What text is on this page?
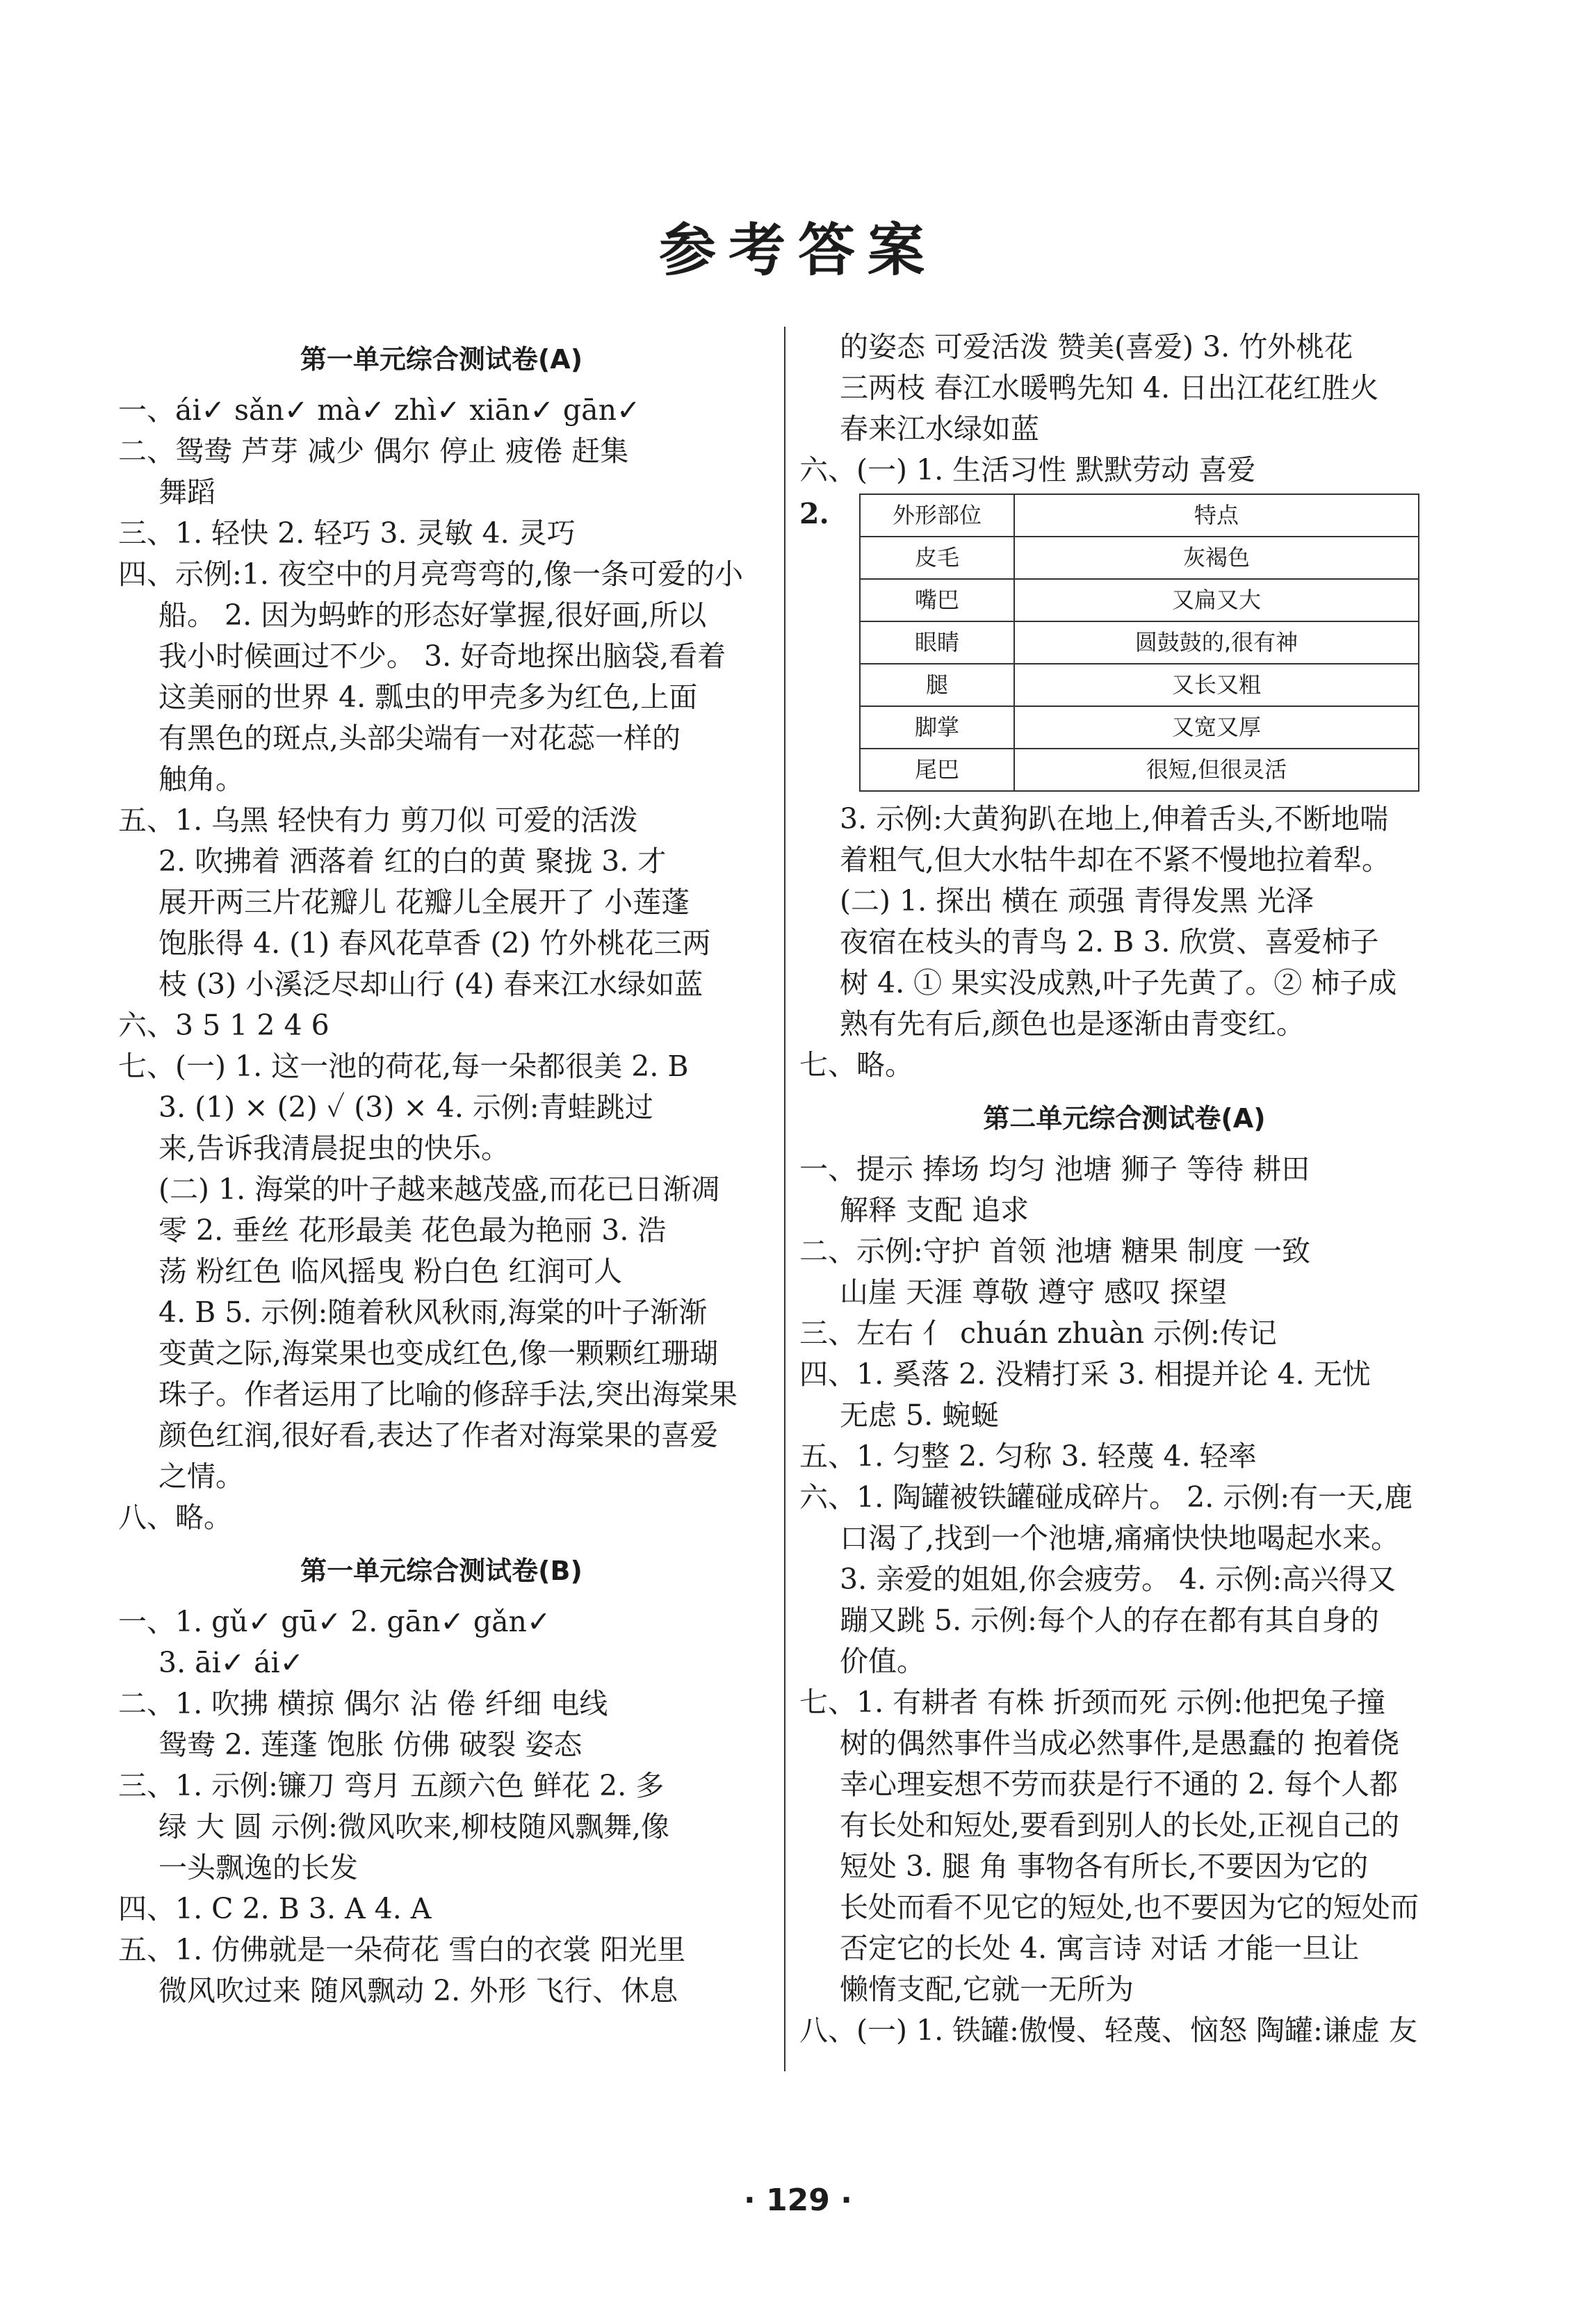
参考答案
第一单元综合测试卷(A)
一、ái✓ sǎn✓ mà✓ zhì✓ xiān✓ gān✓
二、鸳鸯 芦芽 减少 偶尔 停止 疲倦 赶集
舞蹈
三、1. 轻快 2. 轻巧 3. 灵敏 4. 灵巧
四、示例:1. 夜空中的月亮弯弯的,像一条可爱的小
船。 2. 因为蚂蚱的形态好掌握,很好画,所以
我小时候画过不少。 3. 好奇地探出脑袋,看着
这美丽的世界 4. 瓢虫的甲壳多为红色,上面
有黑色的斑点,头部尖端有一对花蕊一样的
触角。
五、1. 乌黑 轻快有力 剪刀似 可爱的活泼
2. 吹拂着 洒落着 红的白的黄 聚拢 3. 才
展开两三片花瓣儿 花瓣儿全展开了 小莲蓬
饱胀得 4. (1) 春风花草香 (2) 竹外桃花三两
枝 (3) 小溪泛尽却山行 (4) 春来江水绿如蓝
六、3 5 1 2 4 6
七、(一) 1. 这一池的荷花,每一朵都很美 2. B
3. (1) × (2) ✓ (3) × 4. 示例:青蛙跳过
来,告诉我清晨捉虫的快乐。
(二) 1. 海棠的叶子越来越茂盛,而花已日渐凋
零 2. 垂丝 花形最美 花色最为艳丽 3. 浩
荡 粉红色 临风摇曳 粉白色 红润可人
4. B 5. 示例:随着秋风秋雨,海棠的叶子渐渐
变黄之际,海棠果也变成红色,像一颗颗红珊瑚
珠子。作者运用了比喻的修辞手法,突出海棠果
颜色红润,很好看,表达了作者对海棠果的喜爱
之情。
八、略。
第一单元综合测试卷(B)
一、1. gǔ✓ gū✓ 2. gān✓ gǎn✓
3. āi✓ ái✓
二、1. 吹拂 横掠 偶尔 沾 倦 纤细 电线
鸳鸯 2. 莲蓬 饱胀 仿佛 破裂 姿态
三、1. 示例:镰刀 弯月 五颜六色 鲜花 2. 多
绿 大 圆 示例:微风吹来,柳枝随风飘舞,像
一头飘逸的长发
四、1. C 2. B 3. A 4. A
五、1. 仿佛就是一朵荷花 雪白的衣裳 阳光里
微风吹过来 随风飘动 2. 外形 飞行、休息
的姿态 可爱活泼 赞美(喜爱) 3. 竹外桃花
三两枝 春江水暖鸭先知 4. 日出江花红胜火
春来江水绿如蓝
六、(一) 1. 生活习性 默默劳动 喜爱
2.	外形部位	特点
皮毛	灰褐色
嘴巴	又扁又大
眼睛	圆鼓鼓的,很有神
腿	又长又粗
脚掌	又宽又厚
尾巴	很短,但很灵活
3. 示例:大黄狗趴在地上,伸着舌头,不断地喘
着粗气,但大水牯牛却在不紧不慢地拉着犁。
(二) 1. 探出 横在 顽强 青得发黑 光泽
夜宿在枝头的青鸟 2. B 3. 欣赏、喜爱柿子
树 4. ① 果实没成熟,叶子先黄了。② 柿子成
熟有先有后,颜色也是逐渐由青变红。
七、略。
第二单元综合测试卷(A)
一、提示 捧场 均匀 池塘 狮子 等待 耕田
解释 支配 追求
二、示例:守护 首领 池塘 糖果 制度 一致
山崖 天涯 尊敬 遵守 感叹 探望
三、左右 亻 chuán zhuàn 示例:传记
四、1. 奚落 2. 没精打采 3. 相提并论 4. 无忧
无虑 5. 蜿蜒
五、1. 匀整 2. 匀称 3. 轻蔑 4. 轻率
六、1. 陶罐被铁罐碰成碎片。 2. 示例:有一天,鹿
口渴了,找到一个池塘,痛痛快快地喝起水来。
3. 亲爱的姐姐,你会疲劳。 4. 示例:高兴得又
蹦又跳 5. 示例:每个人的存在都有其自身的
价值。
七、1. 有耕者 有株 折颈而死 示例:他把兔子撞
树的偶然事件当成必然事件,是愚蠢的 抱着侥
幸心理妄想不劳而获是行不通的 2. 每个人都
有长处和短处,要看到别人的长处,正视自己的
短处 3. 腿 角 事物各有所长,不要因为它的
长处而看不见它的短处,也不要因为它的短处而
否定它的长处 4. 寓言诗 对话 才能一旦让
懒惰支配,它就一无所为
八、(一) 1. 铁罐:傲慢、轻蔑、恼怒 陶罐:谦虚 友
· 129 ·
